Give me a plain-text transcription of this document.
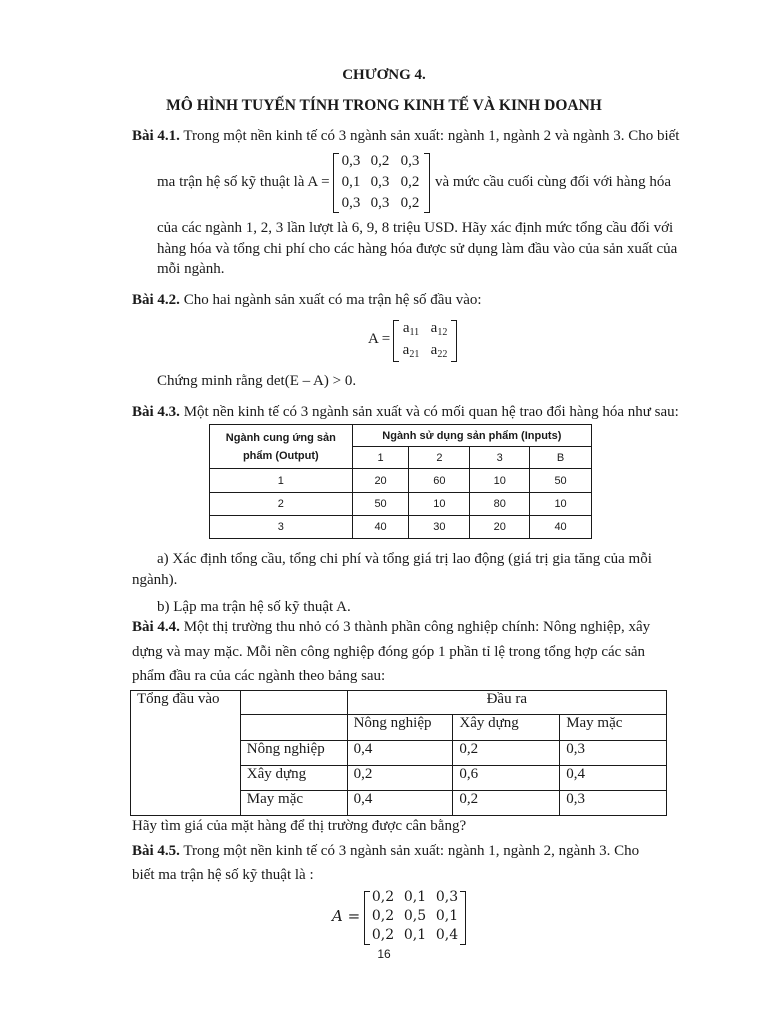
CHƯƠNG 4.
MÔ HÌNH TUYẾN TÍNH TRONG KINH TẾ VÀ KINH DOANH
Bài 4.1. Trong một nền kinh tế có 3 ngành sản xuất: ngành 1, ngành 2 và ngành 3. Cho biết
ma trận hệ số kỹ thuật là A =
0,3 0,2 0,3
0,1 0,3 0,2
0,3 0,3 0,2
và mức cầu cuối cùng đối với hàng hóa
của các ngành 1, 2, 3 lần lượt là 6, 9, 8 triệu USD. Hãy xác định mức tổng cầu đối với
hàng hóa và tổng chi phí cho các hàng hóa được sử dụng làm đầu vào của sản xuất của
mỗi ngành.
Bài 4.2. Cho hai ngành sản xuất có ma trận hệ số đầu vào:
A =
$a_{11}$ $a_{12}$
$a_{21}$ $a_{22}$
Chứng minh rằng det(E – A) > 0.
Bài 4.3. Một nền kinh tế có 3 ngành sản xuất và có mối quan hệ trao đổi hàng hóa như sau:
Ngành cung ứng sản
phẩm (Output)	Ngành sử dụng sản phẩm (Inputs)			
	1	2	3	B
1	20	60	10	50
2	50	10	80	10
3	40	30	20	40
a) Xác định tổng cầu, tổng chi phí và tổng giá trị lao động (giá trị gia tăng của mỗi
ngành).
b) Lập ma trận hệ số kỹ thuật A.
Bài 4.4. Một thị trường thu nhỏ có 3 thành phần công nghiệp chính: Nông nghiệp, xây
dựng và may mặc. Mỗi nền công nghiệp đóng góp 1 phần tỉ lệ trong tổng hợp các sản
phẩm đầu ra của các ngành theo bảng sau:
Tổng đầu vào		Đầu ra		
		Nông nghiệp	Xây dựng	May mặc
	Nông nghiệp	0,4	0,2	0,3
	Xây dựng	0,2	0,6	0,4
	May mặc	0,4	0,2	0,3
Hãy tìm giá của mặt hàng để thị trường được cân bằng?
Bài 4.5. Trong một nền kinh tế có 3 ngành sản xuất: ngành 1, ngành 2, ngành 3. Cho
biết ma trận hệ số kỹ thuật là :
A =
0,2 0,1 0,3
0,2 0,5 0,1
0,2 0,1 0,4
16
